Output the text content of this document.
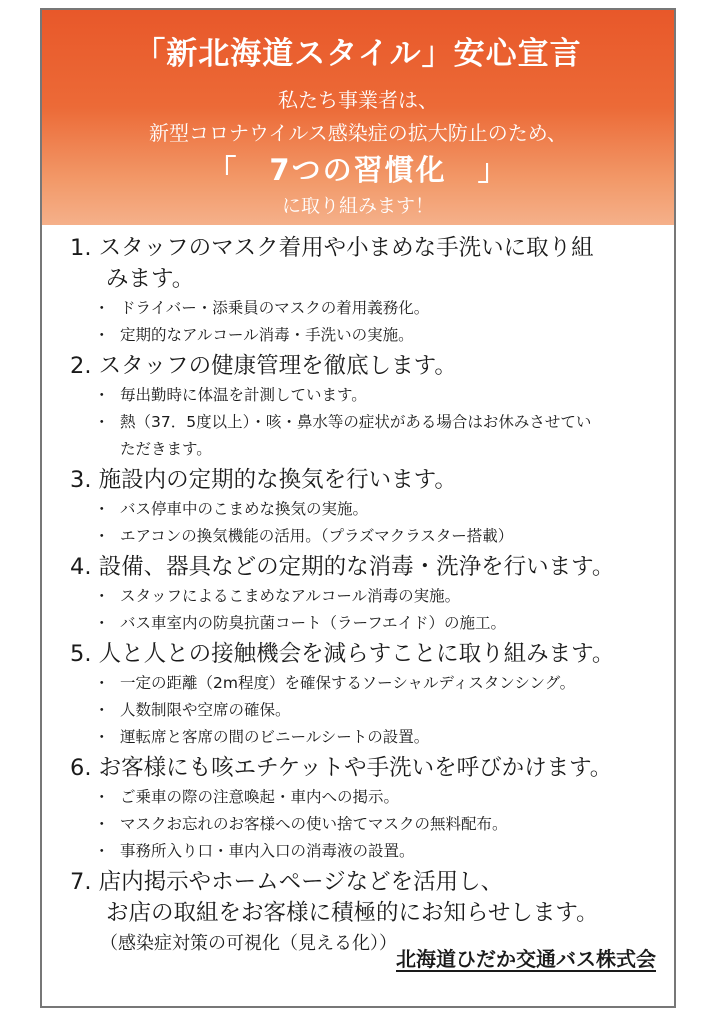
「新北海道スタイル」安心宣言
私たち事業者は、
新型コロナウイルス感染症の拡大防止のため、
「　7つの習慣化　」
に取り組みます！
1. スタッフのマスク着用や小まめな手洗いに取り組
みます。
・ ドライバー・添乗員のマスクの着用義務化。
・ 定期的なアルコール消毒・手洗いの実施。
2. スタッフの健康管理を徹底します。
・ 毎出勤時に体温を計測しています。
・ 熱（37．5度以上）・咳・鼻水等の症状がある場合はお休みさせてい
ただきます。
3. 施設内の定期的な換気を行います。
・ バス停車中のこまめな換気の実施。
・ エアコンの換気機能の活用。（プラズマクラスター搭載）
4. 設備、器具などの定期的な消毒・洗浄を行います。
・ スタッフによるこまめなアルコール消毒の実施。
・ バス車室内の防臭抗菌コート（ラーフエイド）の施工。
5. 人と人との接触機会を減らすことに取り組みます。
・ 一定の距離（2m程度）を確保するソーシャルディスタンシング。
・ 人数制限や空席の確保。
・ 運転席と客席の間のビニールシートの設置。
6. お客様にも咳エチケットや手洗いを呼びかけます。
・ ご乗車の際の注意喚起・車内への掲示。
・ マスクお忘れのお客様への使い捨てマスクの無料配布。
・ 事務所入り口・車内入口の消毒液の設置。
7. 店内掲示やホームページなどを活用し、
お店の取組をお客様に積極的にお知らせします。
（感染症対策の可視化（見える化））
北海道ひだか交通バス株式会
